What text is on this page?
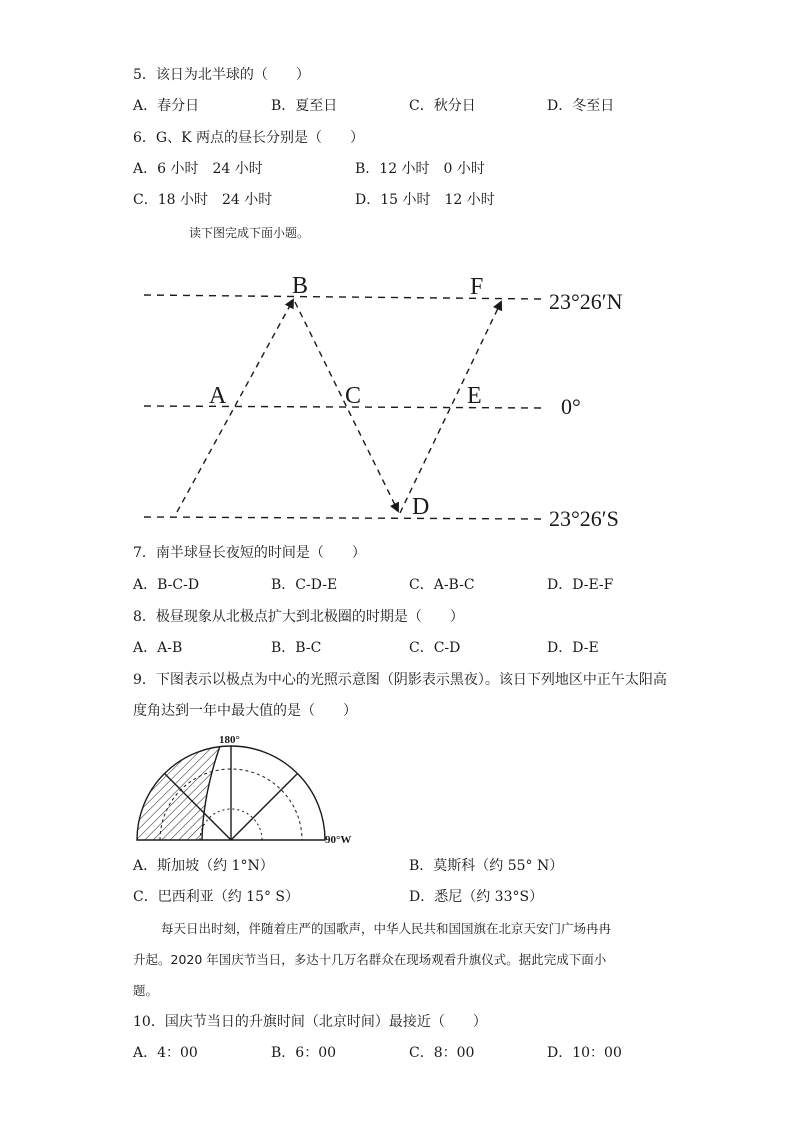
5．该日为北半球的（　　）
A．春分日	B．夏至日	C．秋分日	D．冬至日
6．G、K 两点的昼长分别是（　　）
A．6 小时　24 小时	B．12 小时　0 小时
C．18 小时　24 小时	D．15 小时　12 小时
读下图完成下面小题。
A
B
C
D
E
F
23°26′N
0°
23°26′S
7．南半球昼长夜短的时间是（　　）
A．B-C-D	B．C-D-E	C．A-B-C	D．D-E-F
8．极昼现象从北极点扩大到北极圈的时期是（　　）
A．A-B	B．B-C	C．C-D	D．D-E
9．下图表示以极点为中心的光照示意图（阴影表示黑夜）。该日下列地区中正午太阳高
度角达到一年中最大值的是（　　）
180°
90°W
A．斯加坡（约 1°N）	B．莫斯科（约 55° N）
C．巴西利亚（约 15° S）	D．悉尼（约 33°S）
每天日出时刻，伴随着庄严的国歌声，中华人民共和国国旗在北京天安门广场冉冉
升起。2020 年国庆节当日，多达十几万名群众在现场观看升旗仪式。据此完成下面小
题。
10．国庆节当日的升旗时间（北京时间）最接近（　　）
A．4：00	B．6：00	C．8：00	D．10：00
